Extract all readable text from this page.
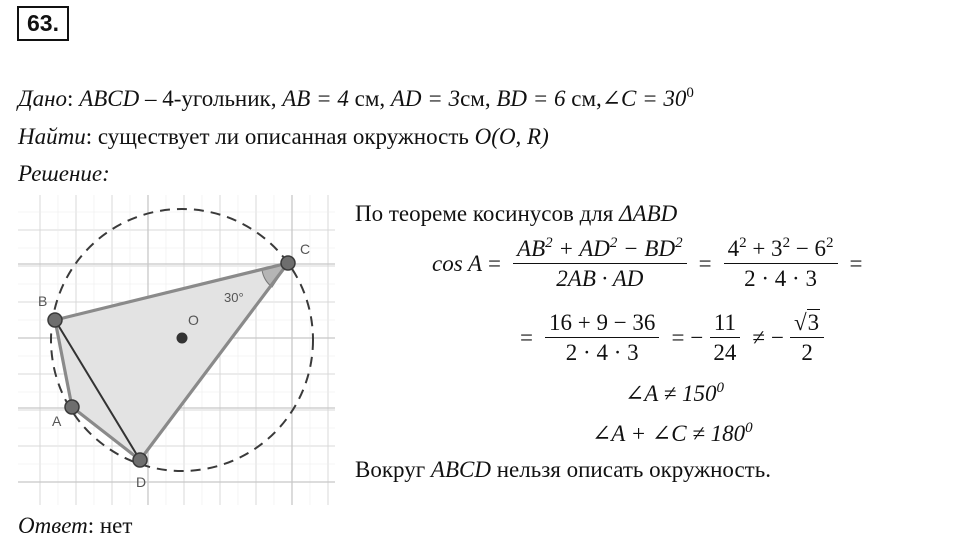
63.
Дано: ABCD – 4-угольник, AB = 4 см, AD = 3см, BD = 6 см,∠C = $30^0$
Найти: существует ли описанная окружность O(O, R)
Решение:
A
B
C
D
O
30°
По теореме косинусов для ΔABD
$\cos A = \frac{AB^2 + AD^2 - BD^2}{2AB \cdot AD} = \frac{4^2 + 3^2 - 6^2}{2 \cdot 4 \cdot 3}$ =
= $\frac{16 + 9 - 36}{2 \cdot 4 \cdot 3}$ = − $\frac{11}{24}$ ≠ − $\frac{√3}{2}$
∠A ≠ $150^0$
∠A + ∠C ≠ $180^0$
Вокруг ABCD нельзя описать окружность.
Ответ: нет
